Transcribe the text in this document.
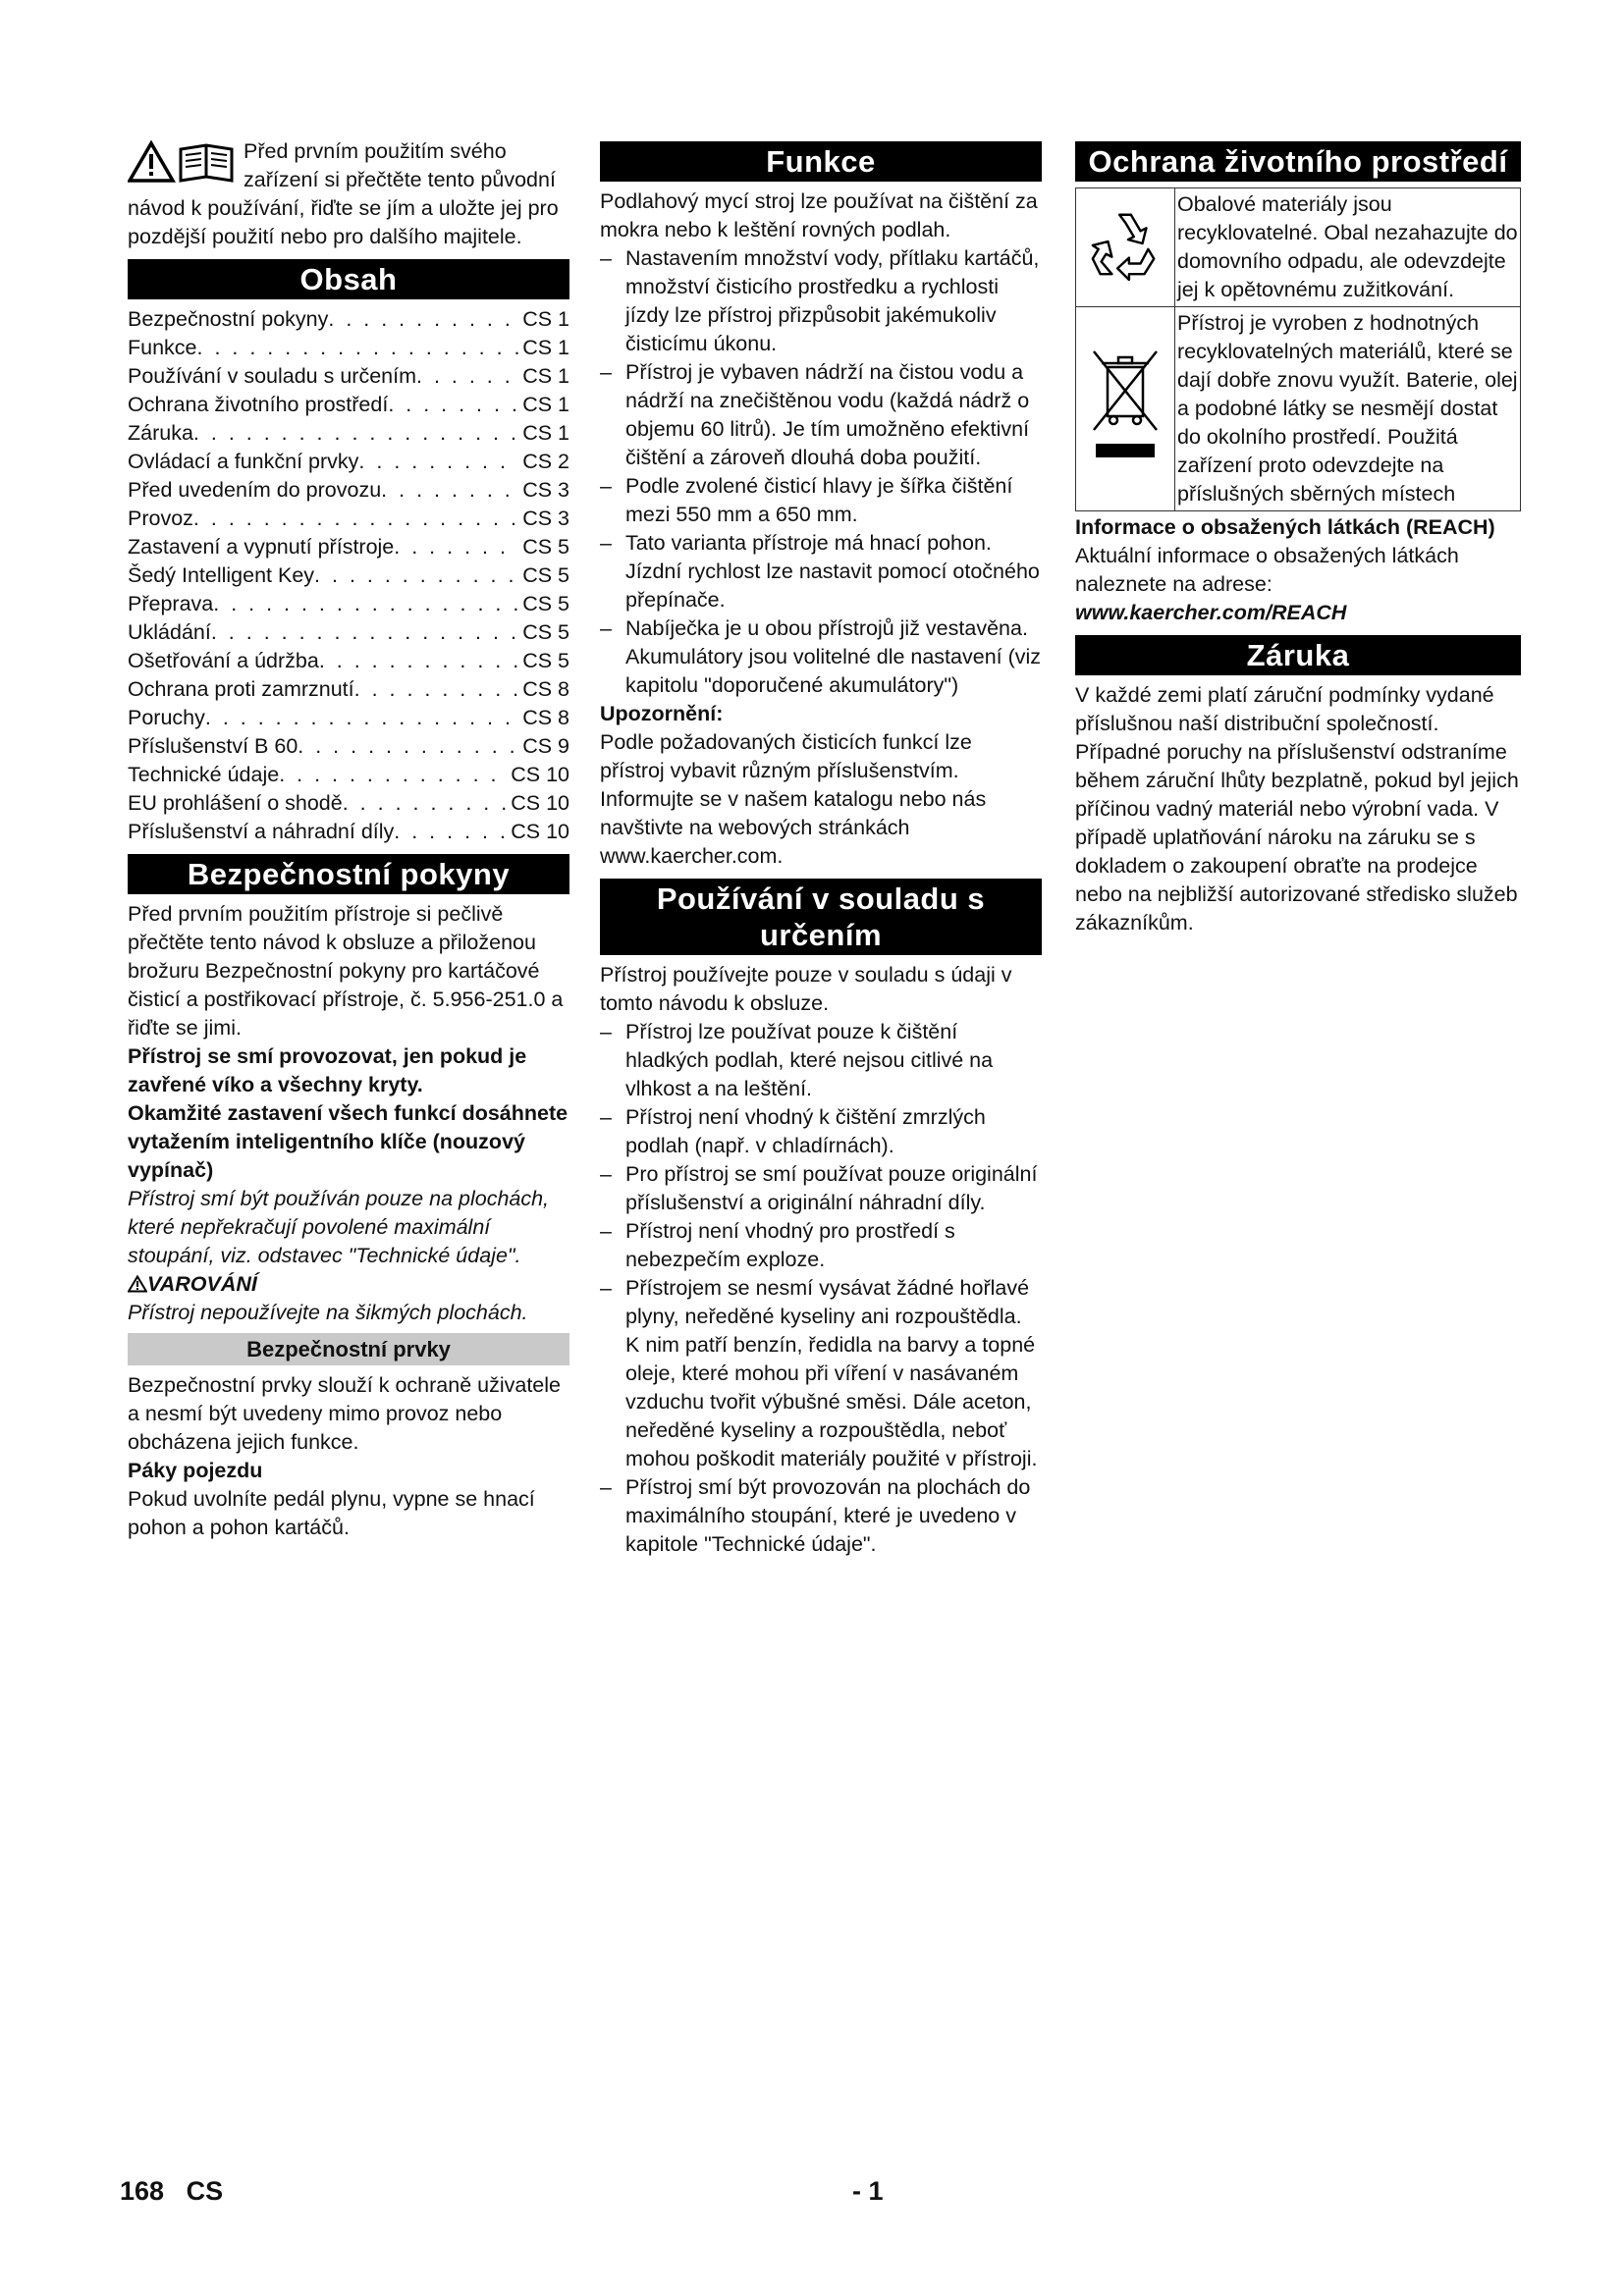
Před prvním použitím svého zařízení si přečtěte tento původní návod k používání, řiďte se jím a uložte jej pro pozdější použití nebo pro dalšího majitele.

Obsah
Bezpečnostní pokyny . . .	CS 1
Funkce . . .	CS 1
Používání v souladu s určením . . .	CS 1
Ochrana životního prostředí . . .	CS 1
Záruka . . .	CS 1
Ovládací a funkční prvky . . .	CS 2
Před uvedením do provozu . . .	CS 3
Provoz . . .	CS 3
Zastavení a vypnutí přístroje . . .	CS 5
Šedý Intelligent Key . . .	CS 5
Přeprava . . .	CS 5
Ukládání . . .	CS 5
Ošetřování a údržba . . .	CS 5
Ochrana proti zamrznutí . . .	CS 8
Poruchy . . .	CS 8
Příslušenství B 60 . . .	CS 9
Technické údaje . . .	CS 10
EU prohlášení o shodě . . .	CS 10
Příslušenství a náhradní díly . . .	CS 10
Bezpečnostní pokyny

Před prvním použitím přístroje si pečlivě přečtěte tento návod k obsluze a přiloženou brožuru Bezpečnostní pokyny pro kartáčové čisticí a postřikovací přístroje, č. 5.956-251.0 a řiďte se jimi.

Přístroj se smí provozovat, jen pokud je zavřené víko a všechny kryty.

Okamžité zastavení všech funkcí dosáhnete vytažením inteligentního klíče (nouzový vypínač)

Přístroj smí být používán pouze na plochách, které nepřekračují povolené maximální stoupání, viz. odstavec "Technické údaje".

VAROVÁNÍ

Přístroj nepoužívejte na šikmých plochách.

Bezpečnostní prvky

Bezpečnostní prvky slouží k ochraně uživatele a nesmí být uvedeny mimo provoz nebo obcházena jejich funkce.

Páky pojezdu

Pokud uvolníte pedál plynu, vypne se hnací pohon a pohon kartáčů.

Funkce

Podlahový mycí stroj lze používat na čištění za mokra nebo k leštění rovných podlah.

– Nastavením množství vody, přítlaku kartáčů, množství čisticího prostředku a rychlosti jízdy lze přístroj přizpůsobit jakémukoliv čisticímu úkonu.
– Přístroj je vybaven nádrží na čistou vodu a nádrží na znečištěnou vodu (každá nádrž o objemu 60 litrů). Je tím umožněno efektivní čištění a zároveň dlouhá doba použití.
– Podle zvolené čisticí hlavy je šířka čištění mezi 550 mm a 650 mm.
– Tato varianta přístroje má hnací pohon. Jízdní rychlost lze nastavit pomocí otočného přepínače.
– Nabíječka je u obou přístrojů již vestavěna. Akumulátory jsou volitelné dle nastavení (viz kapitolu "doporučené akumulátory")

Upozornění:

Podle požadovaných čisticích funkcí lze přístroj vybavit různým příslušenstvím. Informujte se v našem katalogu nebo nás navštivte na webových stránkách www.kaercher.com.

Používání v souladu s určením

Přístroj používejte pouze v souladu s údaji v tomto návodu k obsluze.

– Přístroj lze používat pouze k čištění hladkých podlah, které nejsou citlivé na vlhkost a na leštění.
– Přístroj není vhodný k čištění zmrzlých podlah (např. v chladírnách).
– Pro přístroj se smí používat pouze originální příslušenství a originální náhradní díly.
– Přístroj není vhodný pro prostředí s nebezpečím exploze.
– Přístrojem se nesmí vysávat žádné hořlavé plyny, neředěné kyseliny ani rozpouštědla.
K nim patří benzín, ředidla na barvy a topné oleje, které mohou při víření v nasávaném vzduchu tvořit výbušné směsi. Dále aceton, neředěné kyseliny a rozpouštědla, neboť mohou poškodit materiály použité v přístroji.
– Přístroj smí být provozován na plochách do maximálního stoupání, které je uvedeno v kapitole "Technické údaje".
Ochrana životního prostředí
	Obalové materiály jsou recyklovatelné. Obal nezahazujte do domovního odpadu, ale odevzdejte jej k opětovnému zužitkování.
	Přístroj je vyroben z hodnotných recyklovatelných materiálů, které se dají dobře znovu využít. Baterie, olej a podobné látky se nesmějí dostat do okolního prostředí. Použitá zařízení proto odevzdejte na příslušných sběrných místech

Informace o obsažených látkách (REACH)

Aktuální informace o obsažených látkách naleznete na adrese:

www.kaercher.com/REACH

Záruka

V každé zemi platí záruční podmínky vydané příslušnou naší distribuční společností. Případné poruchy na příslušenství odstraníme během záruční lhůty bezplatně, pokud byl jejich příčinou vadný materiál nebo výrobní vada. V případě uplatňování nároku na záruku se s dokladem o zakoupení obraťte na prodejce nebo na nejbližší autorizované středisko služeb zákazníkům.

168 CS	- 1
